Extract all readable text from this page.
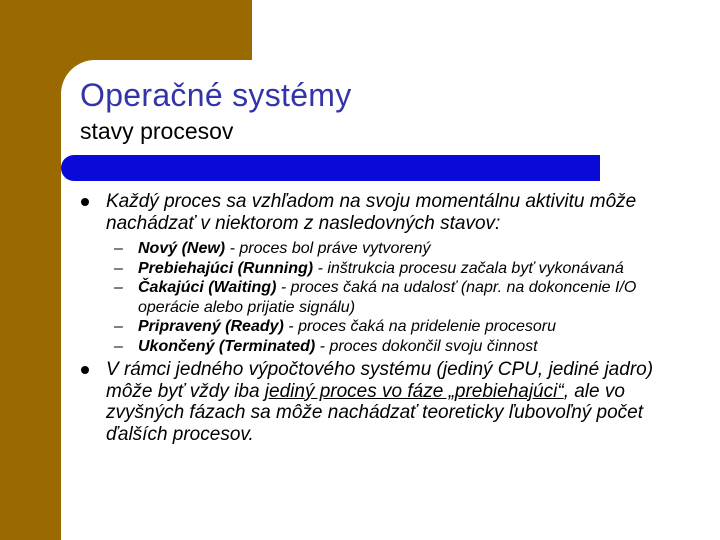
Operačné systémy
stavy procesov
Každý proces sa vzhľadom na svoju momentálnu aktivitu môže nachádzať v niektorom z nasledovných stavov:
– Nový (New) - proces bol práve vytvorený
– Prebiehajúci (Running) - inštrukcia procesu začala byť vykonávaná
– Čakajúci (Waiting) - proces čaká na udalosť (napr. na dokoncenie I/O operácie alebo prijatie signálu)
– Pripravený (Ready) - proces čaká na pridelenie procesoru
– Ukončený (Terminated) - proces dokončil svoju činnost
V rámci jedného výpočtového systému (jediný CPU, jediné jadro) môže byť vždy iba jediný proces vo fáze „prebiehajúci“, ale vo zvyšných fázach sa môže nachádzať teoreticky ľubovoľný počet ďalších procesov.
